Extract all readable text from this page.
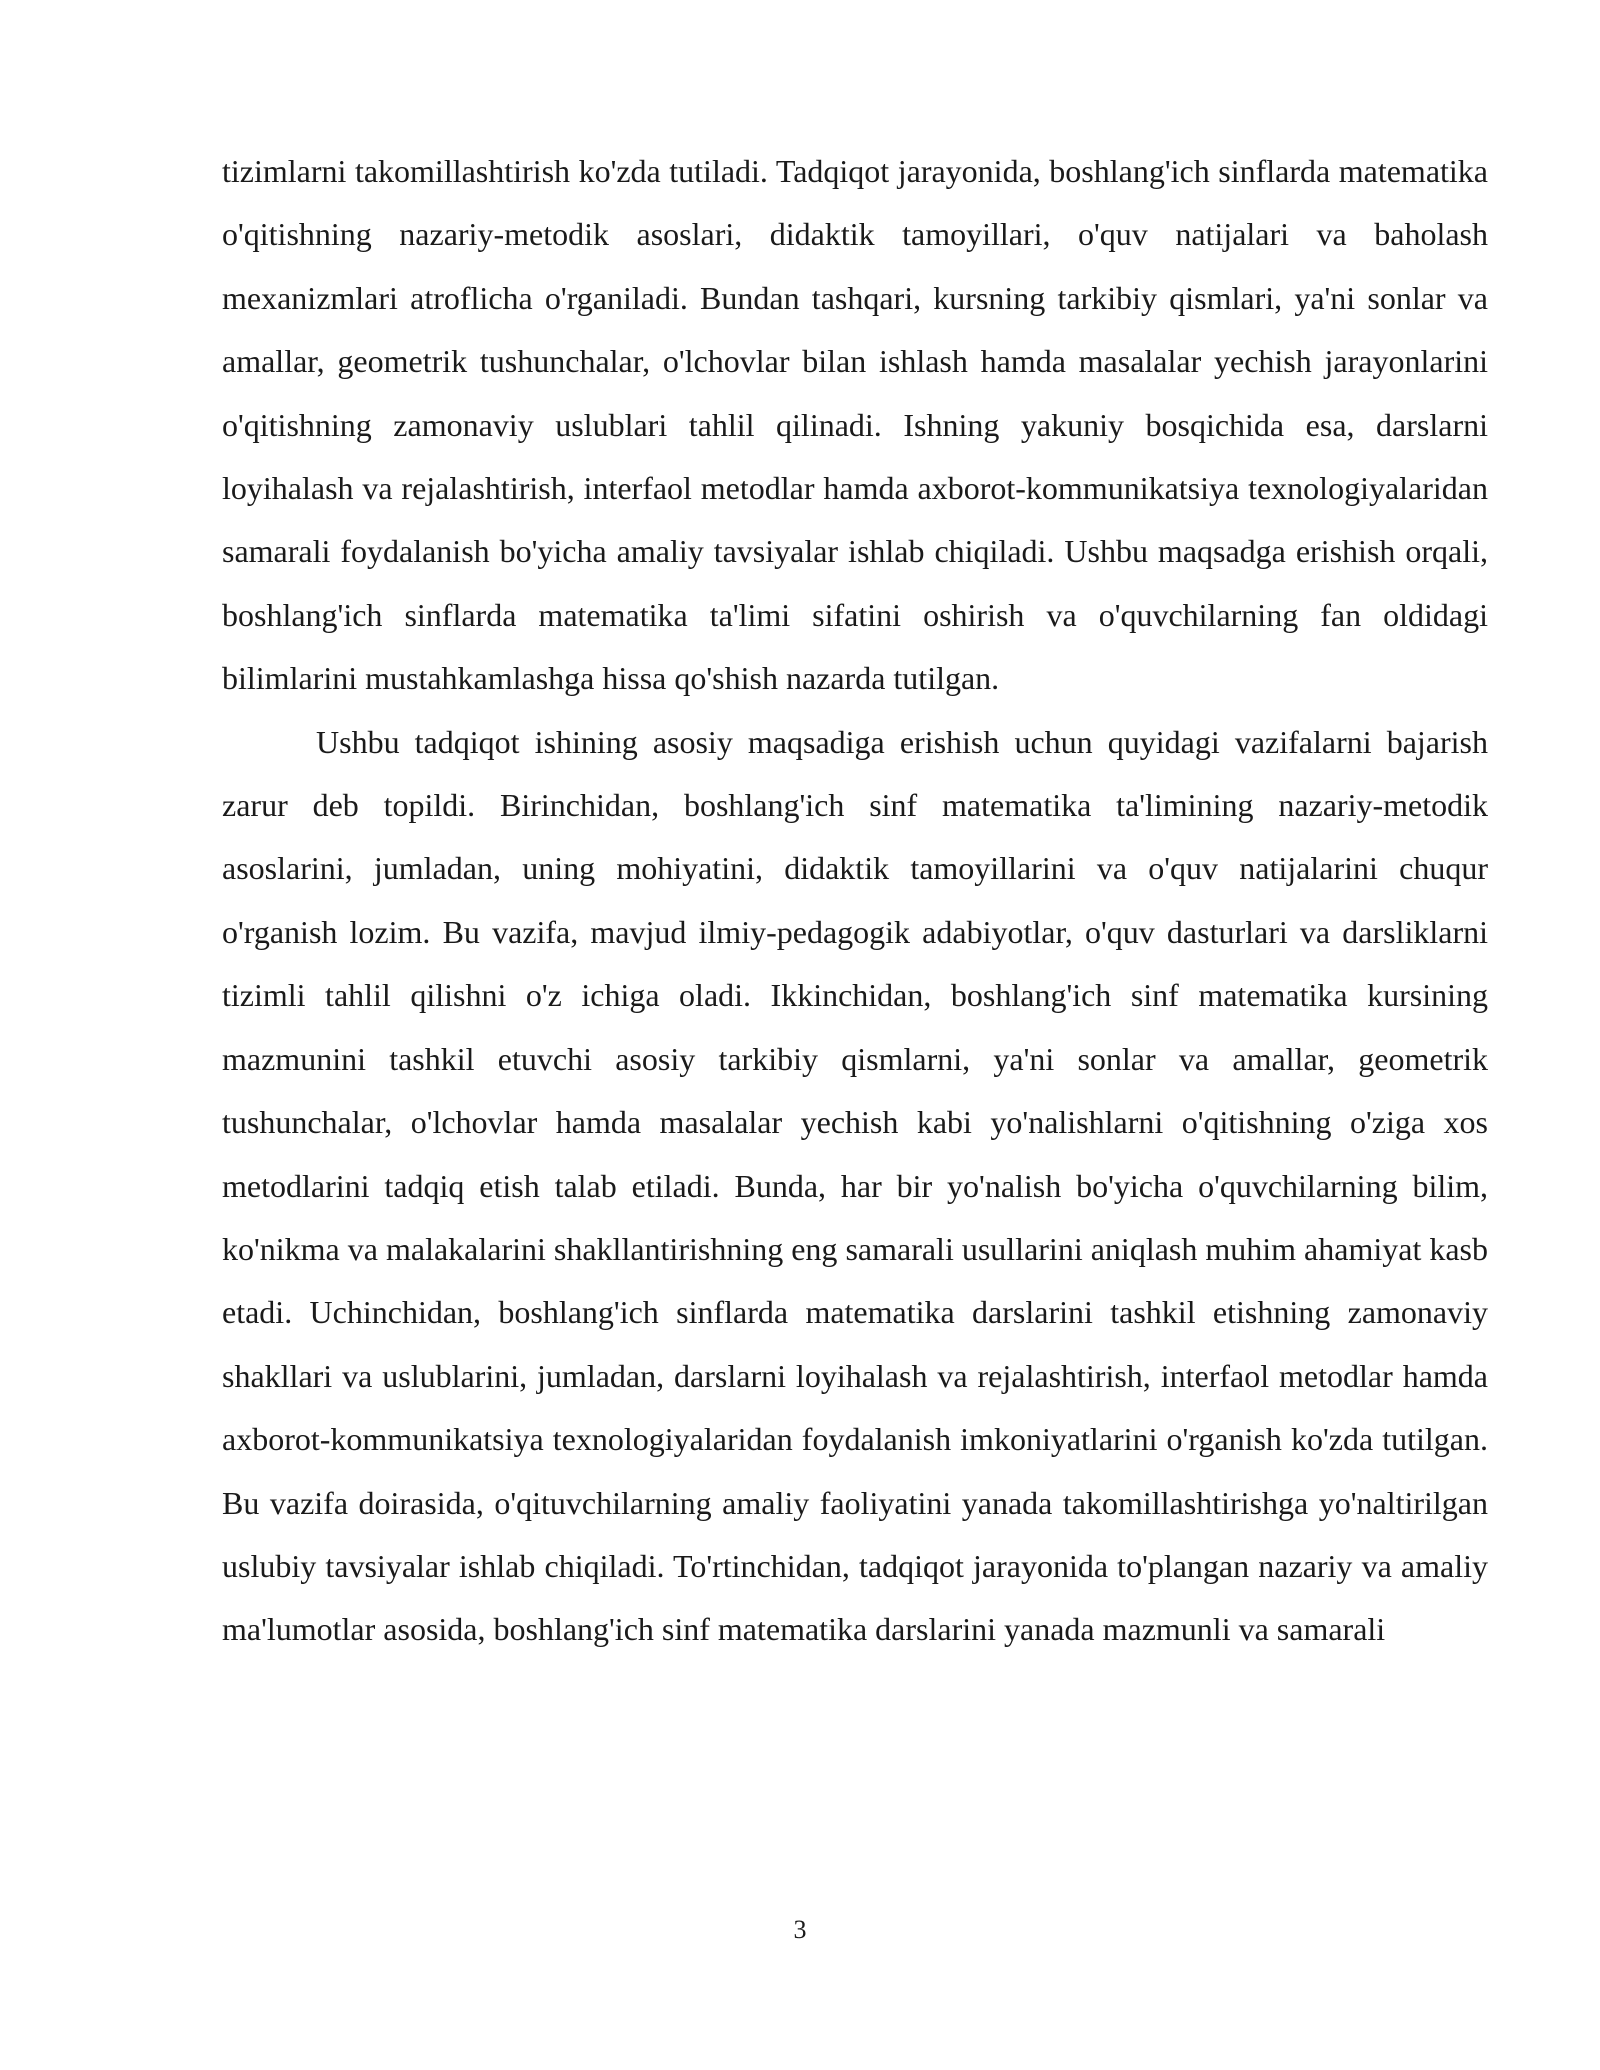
tizimlarni takomillashtirish ko'zda tutiladi. Tadqiqot jarayonida, boshlang'ich sinflarda matematika o'qitishning nazariy-metodik asoslari, didaktik tamoyillari, o'quv natijalari va baholash mexanizmlari atroflicha o'rganiladi. Bundan tashqari, kursning tarkibiy qismlari, ya'ni sonlar va amallar, geometrik tushunchalar, o'lchovlar bilan ishlash hamda masalalar yechish jarayonlarini o'qitishning zamonaviy uslublari tahlil qilinadi. Ishning yakuniy bosqichida esa, darslarni loyihalash va rejalashtirish, interfaol metodlar hamda axborot-kommunikatsiya texnologiyalaridan samarali foydalanish bo'yicha amaliy tavsiyalar ishlab chiqiladi. Ushbu maqsadga erishish orqali, boshlang'ich sinflarda matematika ta'limi sifatini oshirish va o'quvchilarning fan oldidagi bilimlarini mustahkamlashga hissa qo'shish nazarda tutilgan.

Ushbu tadqiqot ishining asosiy maqsadiga erishish uchun quyidagi vazifalarni bajarish zarur deb topildi. Birinchidan, boshlang'ich sinf matematika ta'limining nazariy-metodik asoslarini, jumladan, uning mohiyatini, didaktik tamoyillarini va o'quv natijalarini chuqur o'rganish lozim. Bu vazifa, mavjud ilmiy-pedagogik adabiyotlar, o'quv dasturlari va darsliklarni tizimli tahlil qilishni o'z ichiga oladi. Ikkinchidan, boshlang'ich sinf matematika kursining mazmunini tashkil etuvchi asosiy tarkibiy qismlarni, ya'ni sonlar va amallar, geometrik tushunchalar, o'lchovlar hamda masalalar yechish kabi yo'nalishlarni o'qitishning o'ziga xos metodlarini tadqiq etish talab etiladi. Bunda, har bir yo'nalish bo'yicha o'quvchilarning bilim, ko'nikma va malakalarini shakllantirishning eng samarali usullarini aniqlash muhim ahamiyat kasb etadi. Uchinchidan, boshlang'ich sinflarda matematika darslarini tashkil etishning zamonaviy shakllari va uslublarini, jumladan, darslarni loyihalash va rejalashtirish, interfaol metodlar hamda axborot-kommunikatsiya texnologiyalaridan foydalanish imkoniyatlarini o'rganish ko'zda tutilgan. Bu vazifa doirasida, o'qituvchilarning amaliy faoliyatini yanada takomillashtirishga yo'naltirilgan uslubiy tavsiyalar ishlab chiqiladi. To'rtinchidan, tadqiqot jarayonida to'plangan nazariy va amaliy ma'lumotlar asosida, boshlang'ich sinf matematika darslarini yanada mazmunli va samarali

3
